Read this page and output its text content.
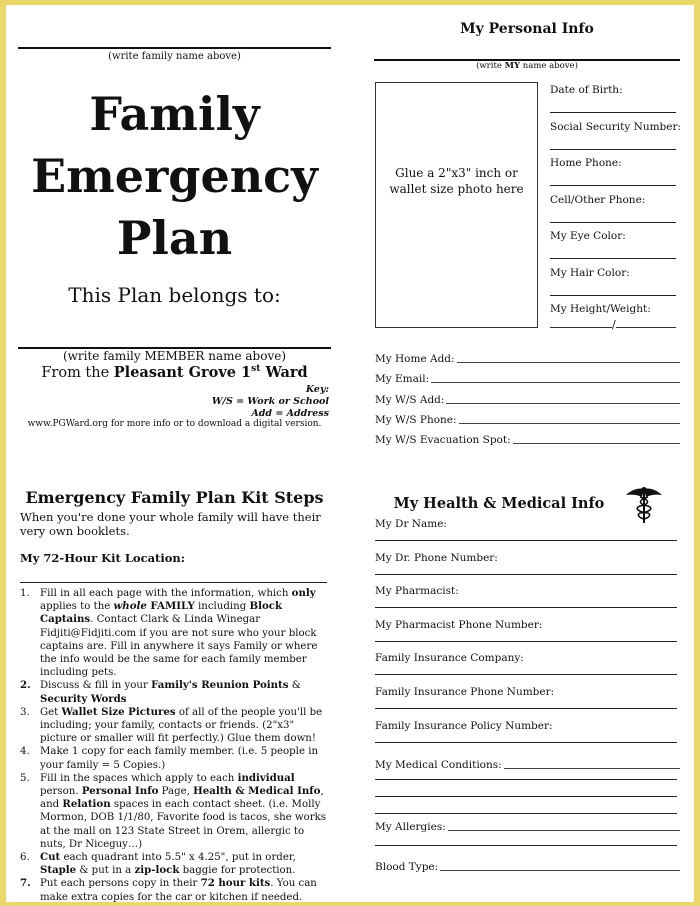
(write family name above)
Family
Emergency
Plan
This Plan belongs to:
(write family MEMBER name above)
From the Pleasant Grove 1st Ward
Key:
W/S = Work or School
Add = Address
www.PGWard.org for more info or to download a digital version.
My Personal Info
(write MY name above)
Glue a 2"x3" inch or wallet size photo here
Date of Birth:
Social Security Number:
Home Phone:
Cell/Other Phone:
My Eye Color:
My Hair Color:
My Height/Weight:
/
My Home Add:
My Email:
My W/S Add:
My W/S Phone:
My W/S Evacuation Spot:
Emergency Family Plan Kit Steps
When you're done your whole family will have their very own booklets.
My 72-Hour Kit Location:
1. Fill in all each page with the information, which only applies to the whole FAMILY including Block Captains. Contact Clark & Linda Winegar Fidjiti@Fidjiti.com if you are not sure who your block captains are. Fill in anywhere it says Family or where the info would be the same for each family member including pets.
2. Discuss & fill in your Family's Reunion Points & Security Words
3. Get Wallet Size Pictures of all of the people you'll be including; your family, contacts or friends. (2"x3" picture or smaller will fit perfectly.) Glue them down!
4. Make 1 copy for each family member. (i.e. 5 people in your family = 5 Copies.)
5. Fill in the spaces which apply to each individual person. Personal Info Page, Health & Medical Info, and Relation spaces in each contact sheet. (i.e. Molly Mormon, DOB 1/1/80, Favorite food is tacos, she works at the mall on 123 State Street in Orem, allergic to nuts, Dr Niceguy…)
6. Cut each quadrant into 5.5" x 4.25", put in order, Staple & put in a zip-lock baggie for protection.
7. Put each persons copy in their 72 hour kits. You can make extra copies for the car or kitchen if needed.
My Health & Medical Info
My Dr Name:
My Dr. Phone Number:
My Pharmacist:
My Pharmacist Phone Number:
Family Insurance Company:
Family Insurance Phone Number:
Family Insurance Policy Number:
My Medical Conditions:
My Allergies:
Blood Type:
